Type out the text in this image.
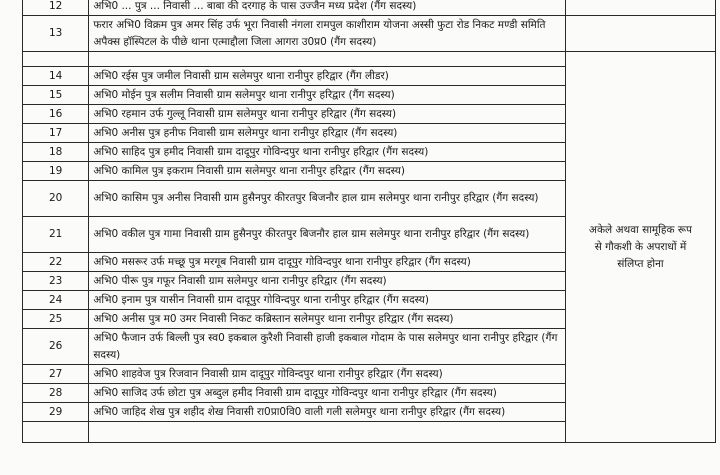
12	अभि0 ... पुत्र ... निवासी ... बाबा की दरगाह के पास उज्जैन मध्य प्रदेश (गैंग सदस्य)	
13	फरार अभि0 विक्रम पुत्र अमर सिंह उर्फ भूरा निवासी नंगला रामपुल काशीराम योजना अस्सी फुटा रोड निकट मण्डी समिति अपैक्स हॉस्पिटल के पीछे थाना एत्माद्दौला जिला आगरा उ0प्र0 (गैंग सदस्य)	
		अकेले अथवा सामूहिक रूप से गौकशी के अपराधों में संलिप्त होना
14	अभि0 रईस पुत्र जमील निवासी ग्राम सलेमपुर थाना रानीपुर हरिद्वार (गैंग लीडर)	
15	अभि0 मोईन पुत्र सलीम निवासी ग्राम सलेमपुर थाना रानीपुर हरिद्वार (गैंग सदस्य)	
16	अभि0 रहमान उर्फ गुल्लू निवासी ग्राम सलेमपुर थाना रानीपुर हरिद्वार (गैंग सदस्य)	
17	अभि0 अनीस पुत्र हनीफ निवासी ग्राम सलेमपुर थाना रानीपुर हरिद्वार (गैंग सदस्य)	
18	अभि0 साहिद पुत्र हमीद निवासी ग्राम दादूपुर गोविन्दपुर थाना रानीपुर हरिद्वार (गैंग सदस्य)	
19	अभि0 कामिल पुत्र इकराम निवासी ग्राम सलेमपुर थाना रानीपुर हरिद्वार (गैंग सदस्य)	
20	अभि0 कासिम पुत्र अनीस निवासी ग्राम हुसैनपुर कीरतपुर बिजनौर हाल ग्राम सलेमपुर थाना रानीपुर हरिद्वार (गैंग सदस्य)	
21	अभि0 वकील पुत्र गामा निवासी ग्राम हुसैनपुर कीरतपुर बिजनौर हाल ग्राम सलेमपुर थाना रानीपुर हरिद्वार (गैंग सदस्य)	
22	अभि0 मसरूर उर्फ मच्छू पुत्र मरगूब निवासी ग्राम दादूपुर गोविन्दपुर थाना रानीपुर हरिद्वार (गैंग सदस्य)	
23	अभि0 पीरू पुत्र गफूर निवासी ग्राम सलेमपुर थाना रानीपुर हरिद्वार (गैंग सदस्य)	
24	अभि0 इनाम पुत्र यासीन निवासी ग्राम दादूपुर गोविन्दपुर थाना रानीपुर हरिद्वार (गैंग सदस्य)	
25	अभि0 अनीस पुत्र म0 उमर निवासी निकट कब्रिस्तान सलेमपुर थाना रानीपुर हरिद्वार (गैंग सदस्य)	
26	अभि0 फैजान उर्फ बिल्ली पुत्र स्व0 इकबाल कुरैशी निवासी हाजी इकबाल गोदाम के पास सलेमपुर थाना रानीपुर हरिद्वार (गैंग सदस्य)	
27	अभि0 शाहवेज पुत्र रिजवान निवासी ग्राम दादूपुर गोविन्दपुर थाना रानीपुर हरिद्वार (गैंग सदस्य)	
28	अभि0 साजिद उर्फ छोटा पुत्र अब्दुल हमीद निवासी ग्राम दादूपुर गोविन्दपुर थाना रानीपुर हरिद्वार (गैंग सदस्य)	
29	अभि0 जाहिद शेख पुत्र शहीद शेख निवासी रा0प्रा0वि0 वाली गली सलेमपुर थाना रानीपुर हरिद्वार (गैंग सदस्य)	
